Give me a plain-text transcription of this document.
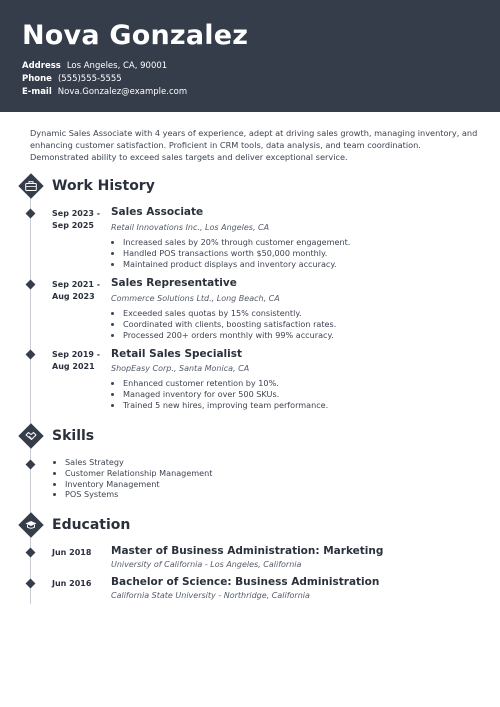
Nova Gonzalez
Address Los Angeles, CA, 90001
Phone (555)555-5555
E-mail Nova.Gonzalez@example.com
Dynamic Sales Associate with 4 years of experience, adept at driving sales growth, managing inventory, and enhancing customer satisfaction. Proficient in CRM tools, data analysis, and team coordination. Demonstrated ability to exceed sales targets and deliver exceptional service.
Work History
Sep 2023 - Sep 2025
Sales Associate
Retail Innovations Inc., Los Angeles, CA
• Increased sales by 20% through customer engagement.
• Handled POS transactions worth $50,000 monthly.
• Maintained product displays and inventory accuracy.
Sep 2021 - Aug 2023
Sales Representative
Commerce Solutions Ltd., Long Beach, CA
• Exceeded sales quotas by 15% consistently.
• Coordinated with clients, boosting satisfaction rates.
• Processed 200+ orders monthly with 99% accuracy.
Sep 2019 - Aug 2021
Retail Sales Specialist
ShopEasy Corp., Santa Monica, CA
• Enhanced customer retention by 10%.
• Managed inventory for over 500 SKUs.
• Trained 5 new hires, improving team performance.
Skills
• Sales Strategy
• Customer Relationship Management
• Inventory Management
• POS Systems
Education
Jun 2018	Master of Business Administration: Marketing
University of California - Los Angeles, California
Jun 2016	Bachelor of Science: Business Administration
California State University - Northridge, California
